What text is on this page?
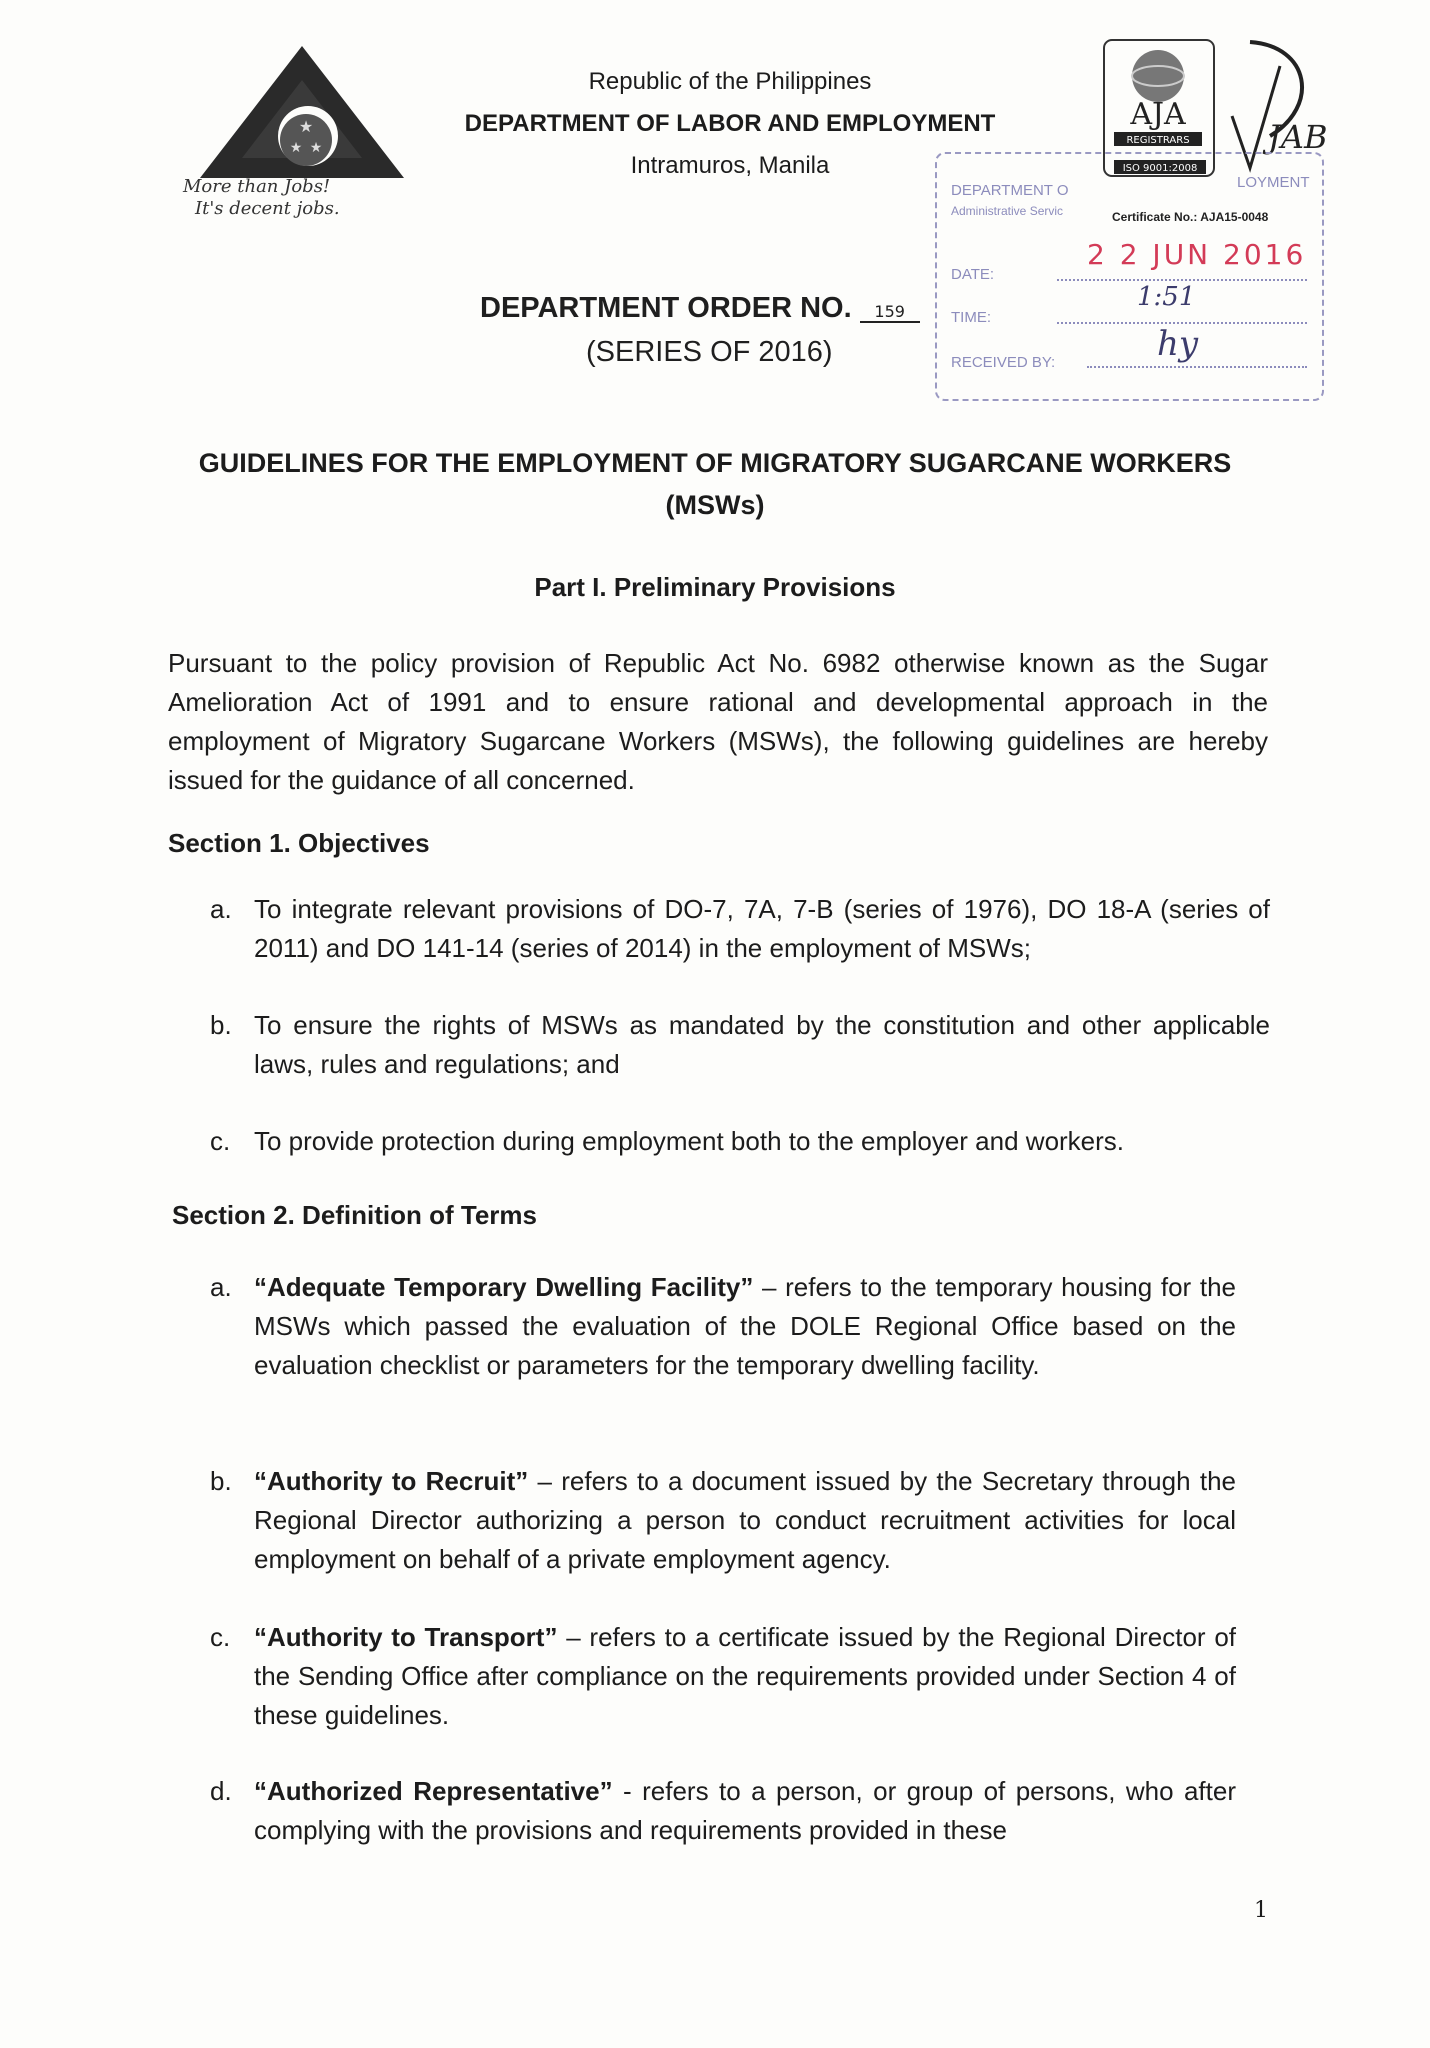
★
★ ★
More than Jobs!
It's decent jobs.
Republic of the Philippines
DEPARTMENT OF LABOR AND EMPLOYMENT
Intramuros, Manila
AJA
REGISTRARS
ISO 9001:2008
JAB
DEPARTMENT O
Administrative Servic
LOYMENT
Certificate No.: AJA15-0048
DATE:
2 2 JUN 2016
TIME:
1:51
RECEIVED BY:	hy
DEPARTMENT ORDER NO. 159
(SERIES OF 2016)
GUIDELINES FOR THE EMPLOYMENT OF MIGRATORY SUGARCANE WORKERS
(MSWs)
Part I. Preliminary Provisions
Pursuant to the policy provision of Republic Act No. 6982 otherwise known as the Sugar Amelioration Act of 1991 and to ensure rational and developmental approach in the employment of Migratory Sugarcane Workers (MSWs), the following guidelines are hereby issued for the guidance of all concerned.
Section 1. Objectives
a. To integrate relevant provisions of DO-7, 7A, 7-B (series of 1976), DO 18-A (series of 2011) and DO 141-14 (series of 2014) in the employment of MSWs;
b. To ensure the rights of MSWs as mandated by the constitution and other applicable laws, rules and regulations; and
c. To provide protection during employment both to the employer and workers.
Section 2. Definition of Terms
a. “Adequate Temporary Dwelling Facility” – refers to the temporary housing for the MSWs which passed the evaluation of the DOLE Regional Office based on the evaluation checklist or parameters for the temporary dwelling facility.
b. “Authority to Recruit” – refers to a document issued by the Secretary through the Regional Director authorizing a person to conduct recruitment activities for local employment on behalf of a private employment agency.
c. “Authority to Transport” – refers to a certificate issued by the Regional Director of the Sending Office after compliance on the requirements provided under Section 4 of these guidelines.
d. “Authorized Representative” - refers to a person, or group of persons, who after complying with the provisions and requirements provided in these
1
